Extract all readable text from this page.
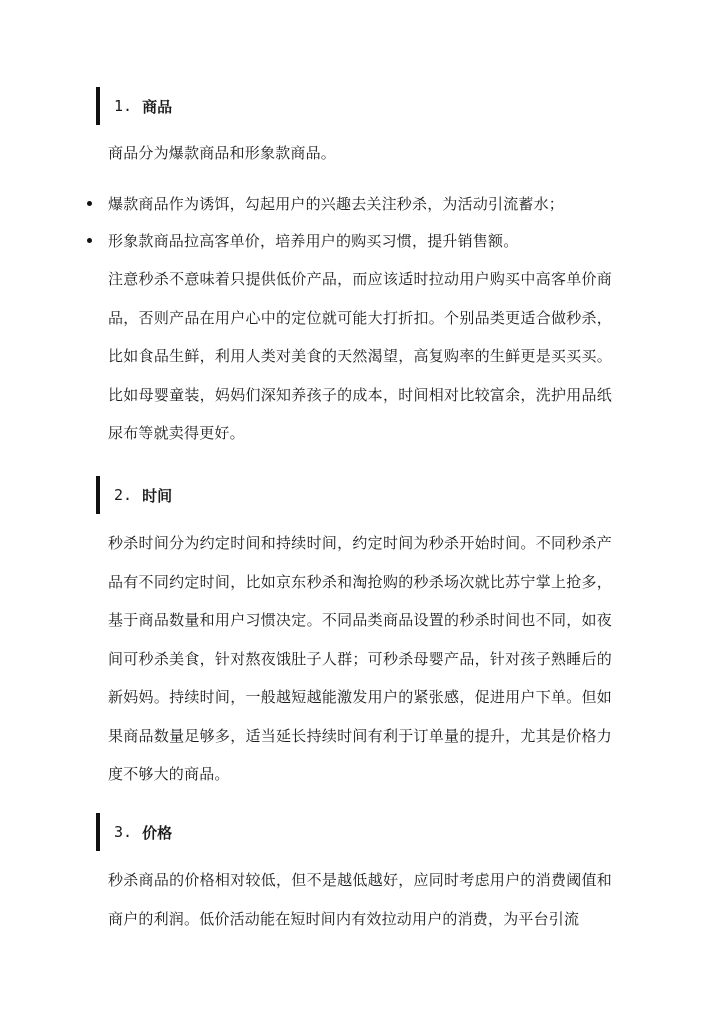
1. 商品

商品分为爆款商品和形象款商品。

爆款商品作为诱饵，勾起用户的兴趣去关注秒杀，为活动引流蓄水；
形象款商品拉高客单价，培养用户的购买习惯，提升销售额。

注意秒杀不意味着只提供低价产品，而应该适时拉动用户购买中高客单价商品，否则产品在用户心中的定位就可能大打折扣。个别品类更适合做秒杀，比如食品生鲜，利用人类对美食的天然渴望，高复购率的生鲜更是买买买。比如母婴童装，妈妈们深知养孩子的成本，时间相对比较富余，洗护用品纸尿布等就卖得更好。

2. 时间

秒杀时间分为约定时间和持续时间，约定时间为秒杀开始时间。不同秒杀产品有不同约定时间，比如京东秒杀和淘抢购的秒杀场次就比苏宁掌上抢多，基于商品数量和用户习惯决定。不同品类商品设置的秒杀时间也不同，如夜间可秒杀美食，针对熬夜饿肚子人群；可秒杀母婴产品，针对孩子熟睡后的新妈妈。持续时间，一般越短越能激发用户的紧张感，促进用户下单。但如果商品数量足够多，适当延长持续时间有利于订单量的提升，尤其是价格力度不够大的商品。

3. 价格

秒杀商品的价格相对较低，但不是越低越好，应同时考虑用户的消费阈值和商户的利润。低价活动能在短时间内有效拉动用户的消费，为平台引流
